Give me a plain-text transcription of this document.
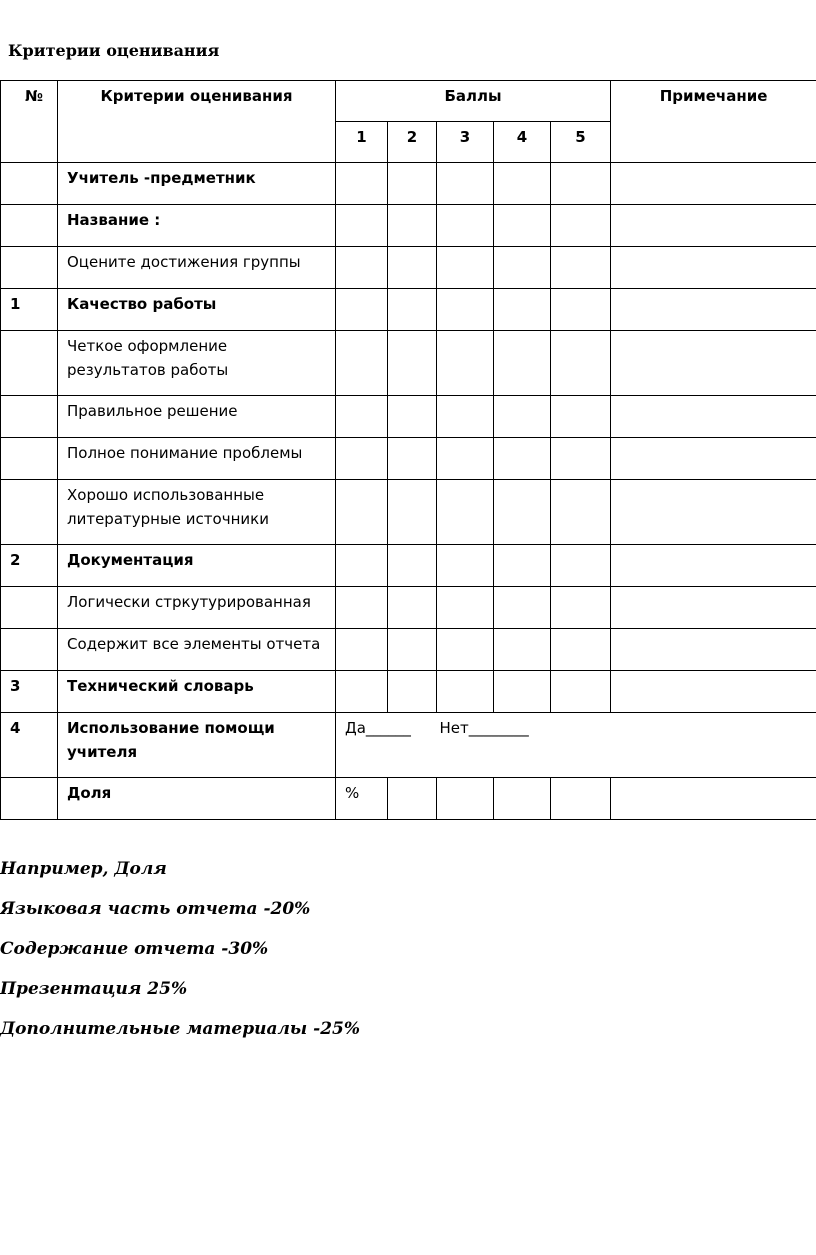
Критерии оценивания
№	Критерии оценивания	Баллы					Примечание
		1	2	3	4	5	
	Учитель -предметник						
	Название :						
	Оцените достижения группы						
1	Качество работы						
	Четкое оформление результатов работы						
	Правильное решение						
	Полное понимание проблемы						
	Хорошо использованные литературные источники						
2	Документация						
	Логически стркутурированная						
	Содержит все элементы отчета						
3	Технический словарь						
4	Использование помощи учителя	Да______      Нет________					
	Доля	%					
Например, Доля
Языковая часть отчета -20%
Содержание отчета -30%
Презентация 25%
Дополнительные материалы -25%
